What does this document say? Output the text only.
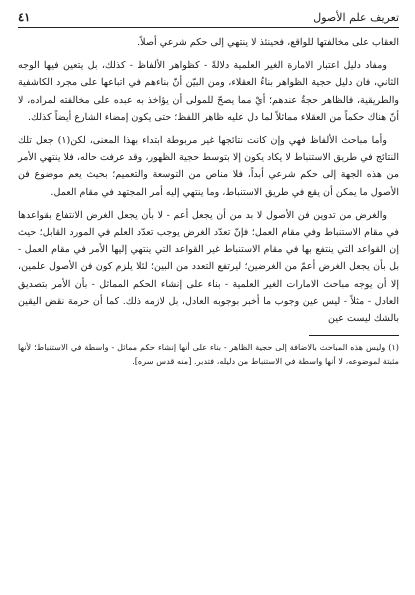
تعريف علم الأصول
٤١

العقاب على مخالفتها للواقع، فحينئذ لا ينتهي إلى حكم شرعي أصلاً.

ومفاد دليل اعتبار الامارة الغير العلمية دلالةً - كظواهر الألفاظ - كذلك، بل يتعين فيها الوجه الثاني، فان دليل حجية الظواهر بناءُ العقلاء، ومن البيّن أنّ بناءهم في اتباعها على مجرد الكاشفية والطريقية، فالظاهر حجةٌ عندهم؛ أيْ مما يصحّ للمولى أن يؤاخذ به عبده على مخالفته لمراده، لا أنّ هناك حكماً من العقلاء مماثلاً لما دل عليه ظاهر اللفظ؛ حتى يكون إمضاء الشارع أيضاً كذلك.

وأما مباحث الألفاظ فهي وإن كانت نتائجها غير مربوطة ابتداء بهذا المعنى، لكن(١) جعل تلك النتائج في طريق الاستنباط لا يكاد يكون إلا بتوسط حجية الظهور، وقد عرفت حاله، فلا ينتهي الأمر من هذه الجهة إلى حكم شرعي أبداً، فلا مناص من التوسعة والتعميم؛ بحيث يعم موضوع فن الأصول ما يمكن أن يقع في طريق الاستنباط، وما ينتهي إليه أمر المجتهد في مقام العمل.

والغرض من تدوين فن الأصول لا بد من أن يجعل أعم - لا بأن يجعل الغرض الانتفاع بقواعدها في مقام الاستنباط وفي مقام العمل؛ فإنّ تعدّد الغرض يوجب تعدّد العلم في المورد القابل؛ حيث إن القواعد التي ينتفع بها في مقام الاستنباط غير القواعد التي ينتهي إليها الأمر في مقام العمل - بل بأن يجعل الغرض أعمّ من الغرضين؛ ليرتفع التعدد من البين؛ لئلا يلزم كون فن الأصول علمين، إلا أن يوجه مباحث الامارات الغير العلمية - بناء على إنشاء الحكم المماثل - بأن الأمر بتصديق العادل - مثلاً - ليس عين وجوب ما أخبر بوجوبه العادل، بل لازمه ذلك. كما أن حرمة نقض اليقين بالشك ليست عين

(١) وليس هذه المباحث بالاضافة إلى حجية الظاهر - بناء على أنها إنشاء حكم مماثل - واسطة في الاستنباط؛ لأنها مثبتة لموضوعه، لا أنها واسطة في الاستنباط من دليله، فتدبر. [منه قدس سره].
